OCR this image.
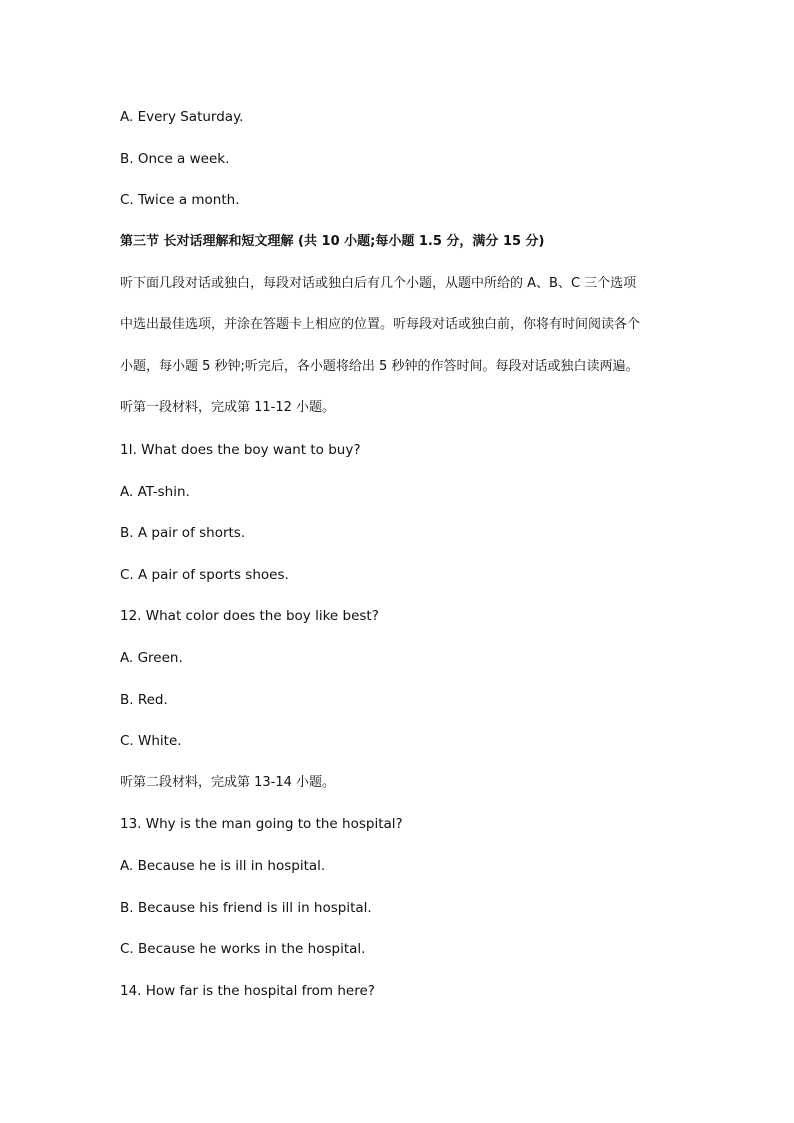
A. Every Saturday.
B. Once a week.
C. Twice a month.
第三节 长对话理解和短文理解 (共 10 小题;每小题 1.5 分，满分 15 分)
听下面几段对话或独白，每段对话或独白后有几个小题，从题中所给的 A、B、C 三个选项
中选出最佳选项，并涂在答题卡上相应的位置。听每段对话或独白前，你将有时间阅读各个
小题，每小题 5 秒钟;听完后，各小题将给出 5 秒钟的作答时间。每段对话或独白读两遍。
听第一段材料，完成第 11-12 小题。
1I. What does the boy want to buy?
A. AT-shin.
B. A pair of shorts.
C. A pair of sports shoes.
12. What color does the boy like best?
A. Green.
B. Red.
C. White.
听第二段材料，完成第 13-14 小题。
13. Why is the man going to the hospital?
A. Because he is ill in hospital.
B. Because his friend is ill in hospital.
C. Because he works in the hospital.
14. How far is the hospital from here?
